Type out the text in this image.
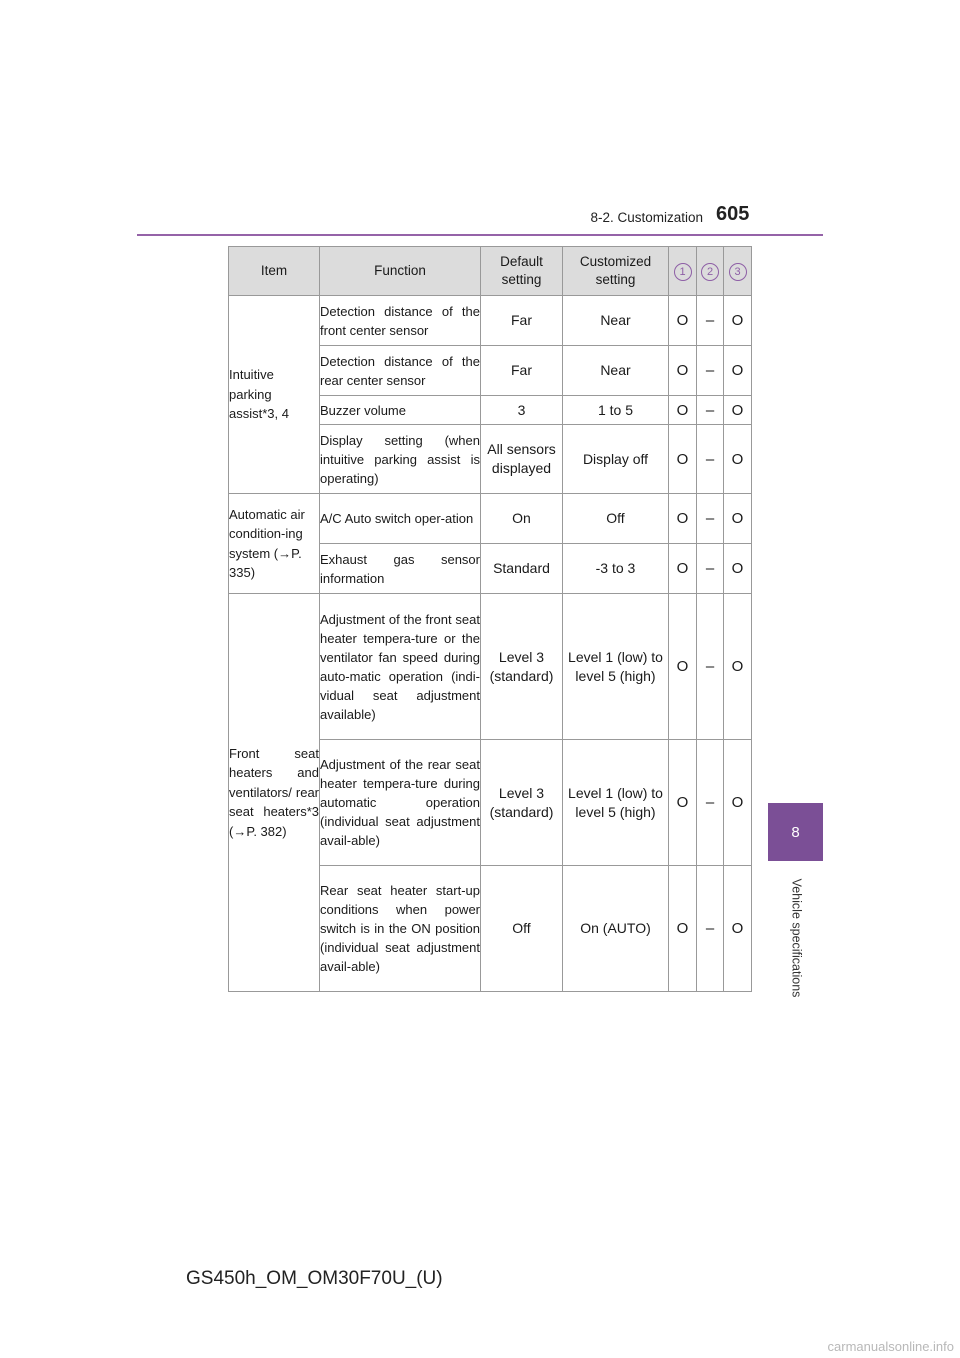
8-2. Customization 605
8
Vehicle specifications
Item	Function	Default setting	Customized setting	1	2	3
Intuitive parking assist*3, 4	Detection distance of the front center sensor	Far	Near	O	–	O
	Detection distance of the rear center sensor	Far	Near	O	–	O
	Buzzer volume	3	1 to 5	O	–	O
	Display setting (when intuitive parking assist is operating)	All sensors displayed	Display off	O	–	O
Automatic air condition-ing system (→P. 335)	A/C Auto switch oper-ation	On	Off	O	–	O
	Exhaust gas sensor information	Standard	-3 to 3	O	–	O
Front seat heaters and ventilators/ rear seat heaters*3 (→P. 382)	Adjustment of the front seat heater tempera-ture or the ventilator fan speed during auto-matic operation (indi-vidual seat adjustment available)	Level 3 (standard)	Level 1 (low) to level 5 (high)	O	–	O
	Adjustment of the rear seat heater tempera-ture during automatic operation (individual seat adjustment avail-able)	Level 3 (standard)	Level 1 (low) to level 5 (high)	O	–	O
	Rear seat heater start-up conditions when power switch is in the ON position (individual seat adjustment avail-able)	Off	On (AUTO)	O	–	O
GS450h_OM_OM30F70U_(U)
carmanualsonline.info
